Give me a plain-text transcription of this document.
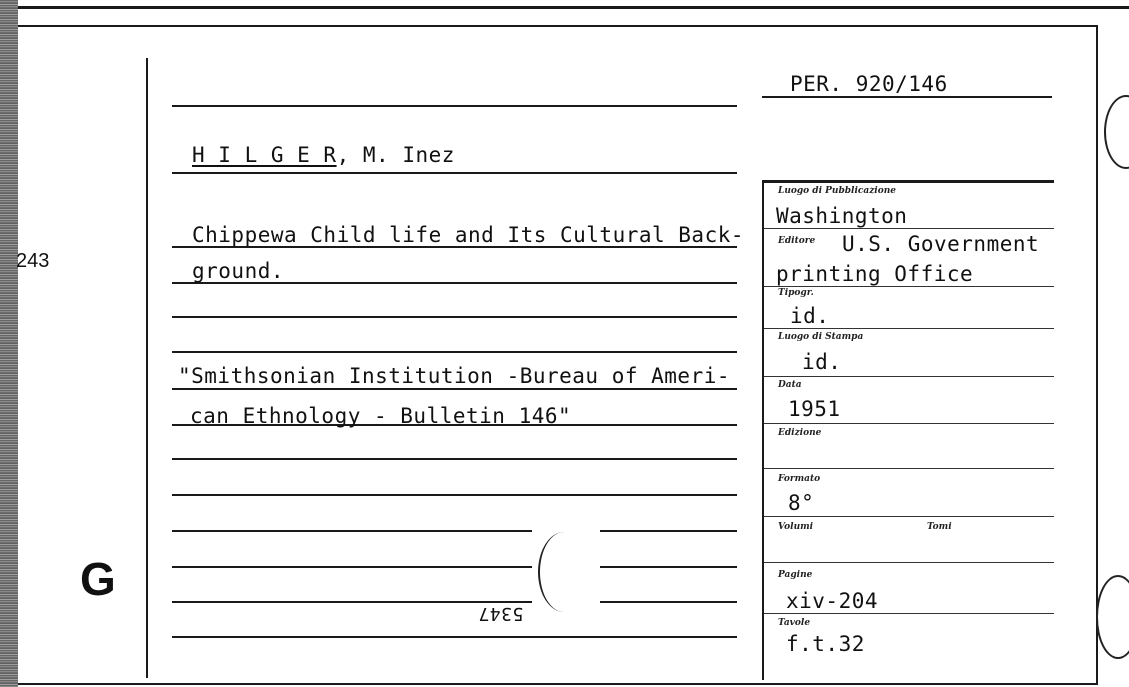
243
G
PER. 920/146
H I L G E R, M. Inez
Chippewa Child life and Its Cultural Back-
ground.
"Smithsonian Institution -Bureau of Ameri-
can Ethnology - Bulletin 146"
5347
Luogo di Pubblicazione
Washington
Editore U.S. Government
printing Office
Tipogr.
id.
Luogo di Stampa
id.
Data
1951
Edizione
Formato
8°
Volumi	Tomi
Pagine
xiv-204
Tavole
f.t.32
